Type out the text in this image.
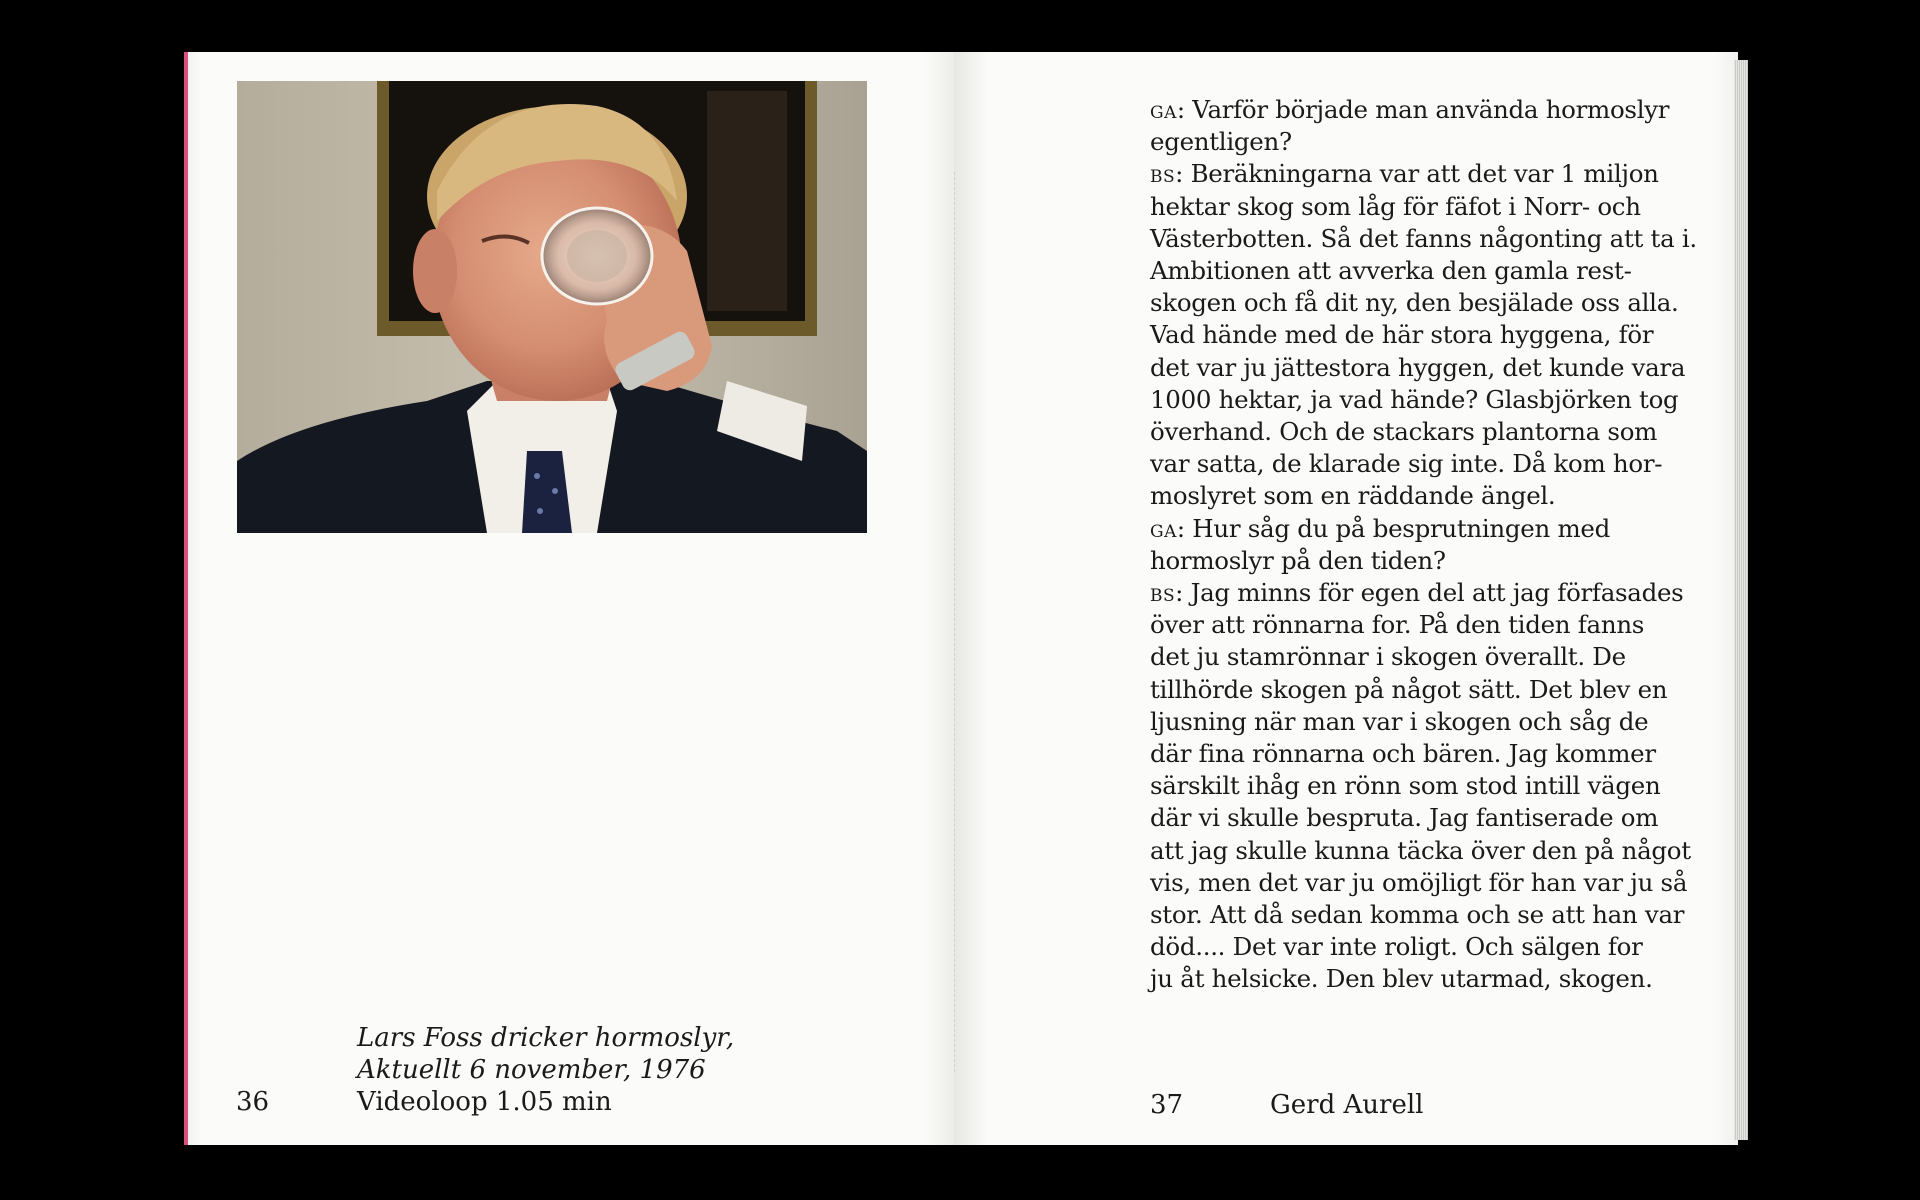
Lars Foss dricker hormoslyr,
Aktuellt 6 november, 1976
Videoloop 1.05 min
36

ga: Varför började man använda hormoslyr
egentligen?

bs: Beräkningarna var att det var 1 miljon
hektar skog som låg för fäfot i Norr- och
Västerbotten. Så det fanns någonting att ta i.
Ambitionen att avverka den gamla rest-
skogen och få dit ny, den besjälade oss alla.
Vad hände med de här stora hyggena, för
det var ju jättestora hyggen, det kunde vara
1000 hektar, ja vad hände? Glasbjörken tog
överhand. Och de stackars plantorna som
var satta, de klarade sig inte. Då kom hor-
moslyret som en räddande ängel.

ga: Hur såg du på besprutningen med
hormoslyr på den tiden?

bs: Jag minns för egen del att jag förfasades
över att rönnarna for. På den tiden fanns
det ju stamrönnar i skogen överallt. De
tillhörde skogen på något sätt. Det blev en
ljusning när man var i skogen och såg de
där fina rönnarna och bären. Jag kommer
särskilt ihåg en rönn som stod intill vägen
där vi skulle bespruta. Jag fantiserade om
att jag skulle kunna täcka över den på något
vis, men det var ju omöjligt för han var ju så
stor. Att då sedan komma och se att han var
död.... Det var inte roligt. Och sälgen for
ju åt helsicke. Den blev utarmad, skogen.

37	Gerd Aurell
